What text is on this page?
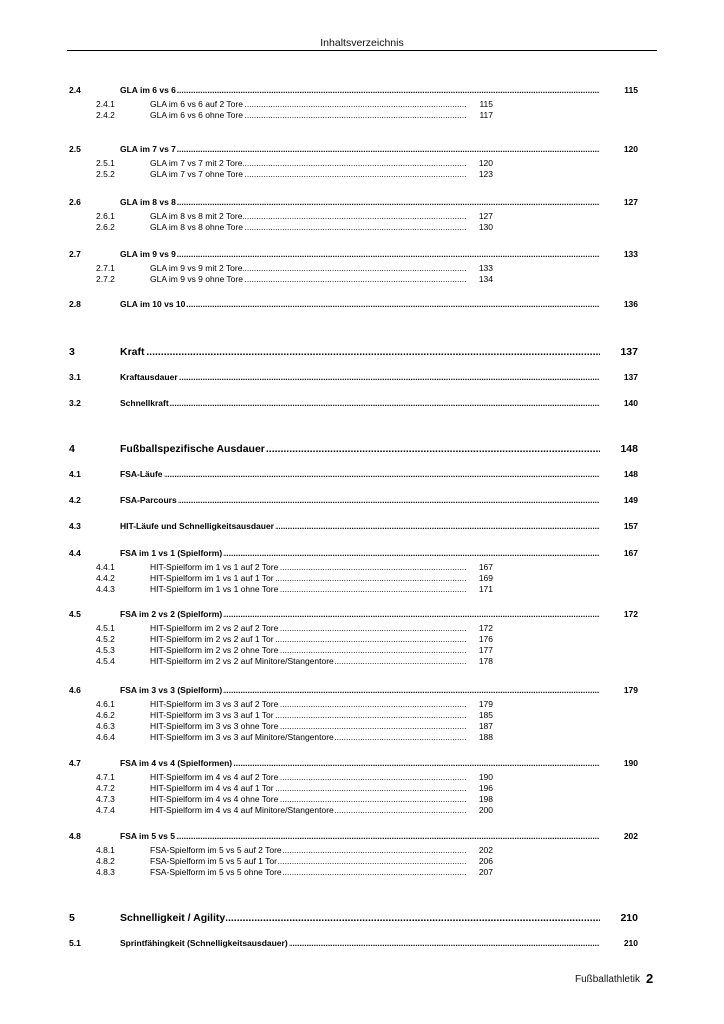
Inhaltsverzeichnis
2.4	GLA im 6 vs 6 .....	115
2.4.1	GLA im 6 vs 6 auf 2 Tore .....	115
2.4.2	GLA im 6 vs 6 ohne Tore .....	117
2.5	GLA im 7 vs 7 .....	120
2.5.1	GLA im 7 vs 7 mit 2 Tore .....	120
2.5.2	GLA im 7 vs 7 ohne Tore .....	123
2.6	GLA im 8 vs 8 .....	127
2.6.1	GLA im 8 vs 8 mit 2 Tore .....	127
2.6.2	GLA im 8 vs 8 ohne Tore .....	130
2.7	GLA im 9 vs 9 .....	133
2.7.1	GLA im 9 vs 9 mit 2 Tore .....	133
2.7.2	GLA im 9 vs 9 ohne Tore .....	134
2.8	GLA im 10 vs 10 .....	136
3	Kraft .....	137
3.1	Kraftausdauer .....	137
3.2	Schnellkraft .....	140
4	Fußballspezifische Ausdauer .....	148
4.1	FSA-Läufe .....	148
4.2	FSA-Parcours .....	149
4.3	HIT-Läufe und Schnelligkeitsausdauer .....	157
4.4	FSA im 1 vs 1 (Spielform) .....	167
4.4.1	HIT-Spielform im 1 vs 1 auf 2 Tore .....	167
4.4.2	HIT-Spielform im 1 vs 1 auf 1 Tor .....	169
4.4.3	HIT-Spielform im 1 vs 1 ohne Tore .....	171
4.5	FSA im 2 vs 2 (Spielform) .....	172
4.5.1	HIT-Spielform im 2 vs 2 auf 2 Tore .....	172
4.5.2	HIT-Spielform im 2 vs 2 auf 1 Tor .....	176
4.5.3	HIT-Spielform im 2 vs 2 ohne Tore .....	177
4.5.4	HIT-Spielform im 2 vs 2 auf Minitore/Stangentore .....	178
4.6	FSA im 3 vs 3 (Spielform) .....	179
4.6.1	HIT-Spielform im 3 vs 3 auf 2 Tore .....	179
4.6.2	HIT-Spielform im 3 vs 3 auf 1 Tor .....	185
4.6.3	HIT-Spielform im 3 vs 3 ohne Tore .....	187
4.6.4	HIT-Spielform im 3 vs 3 auf Minitore/Stangentore .....	188
4.7	FSA im 4 vs 4 (Spielformen) .....	190
4.7.1	HIT-Spielform im 4 vs 4 auf 2 Tore .....	190
4.7.2	HIT-Spielform im 4 vs 4 auf 1 Tor .....	196
4.7.3	HIT-Spielform im 4 vs 4 ohne Tore .....	198
4.7.4	HIT-Spielform im 4 vs 4 auf Minitore/Stangentore .....	200
4.8	FSA im 5 vs 5 .....	202
4.8.1	FSA-Spielform im 5 vs 5 auf 2 Tore .....	202
4.8.2	FSA-Spielform im 5 vs 5 auf 1 Tor .....	206
4.8.3	FSA-Spielform im 5 vs 5 ohne Tore .....	207
5	Schnelligkeit / Agility .....	210
5.1	Sprintfähingkeit (Schnelligkeitsausdauer) .....	210
Fußballathletik 2
